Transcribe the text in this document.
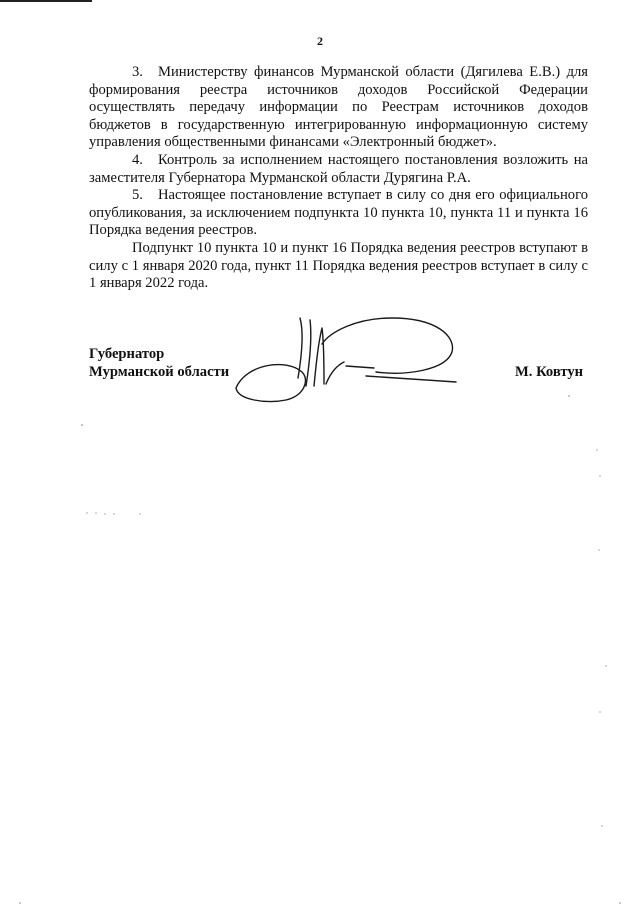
2

3. Министерству финансов Мурманской области (Дягилева Е.В.) для формирования реестра источников доходов Российской Федерации осуществлять передачу информации по Реестрам источников доходов бюджетов в государственную интегрированную информационную систему управления общественными финансами «Электронный бюджет».

4. Контроль за исполнением настоящего постановления возложить на заместителя Губернатора Мурманской области Дурягина Р.А.

5. Настоящее постановление вступает в силу со дня его официального опубликования, за исключением подпункта 10 пункта 10, пункта 11 и пункта 16 Порядка ведения реестров.

Подпункт 10 пункта 10 и пункт 16 Порядка ведения реестров вступают в силу с 1 января 2020 года, пункт 11 Порядка ведения реестров вступает в силу с 1 января 2022 года.

Губернатор
Мурманской области	М. Ковтун
